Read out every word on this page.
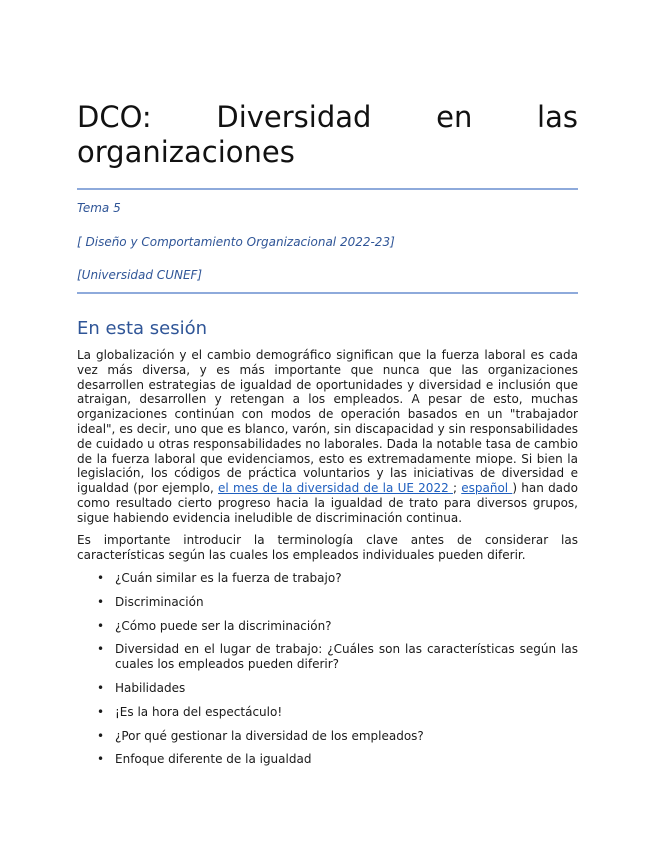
DCO: Diversidad en las
organizaciones
Tema 5
[ Diseño y Comportamiento Organizacional 2022-23]
[Universidad CUNEF]
En esta sesión

La globalización y el cambio demográfico significan que la fuerza laboral es cada vez más diversa, y es más importante que nunca que las organizaciones desarrollen estrategias de igualdad de oportunidades y diversidad e inclusión que atraigan, desarrollen y retengan a los empleados. A pesar de esto, muchas organizaciones continúan con modos de operación basados en un "trabajador ideal", es decir, uno que es blanco, varón, sin discapacidad y sin responsabilidades de cuidado u otras responsabilidades no laborales. Dada la notable tasa de cambio de la fuerza laboral que evidenciamos, esto es extremadamente miope. Si bien la legislación, los códigos de práctica voluntarios y las iniciativas de diversidad e igualdad (por ejemplo, el mes de la diversidad de la UE 2022 ; español ) han dado como resultado cierto progreso hacia la igualdad de trato para diversos grupos, sigue habiendo evidencia ineludible de discriminación continua.

Es importante introducir la terminología clave antes de considerar las características según las cuales los empleados individuales pueden diferir.

• ¿Cuán similar es la fuerza de trabajo?
• Discriminación
• ¿Cómo puede ser la discriminación?
• Diversidad en el lugar de trabajo: ¿Cuáles son las características según las cuales los empleados pueden diferir?
• Habilidades
• ¡Es la hora del espectáculo!
• ¿Por qué gestionar la diversidad de los empleados?
• Enfoque diferente de la igualdad
